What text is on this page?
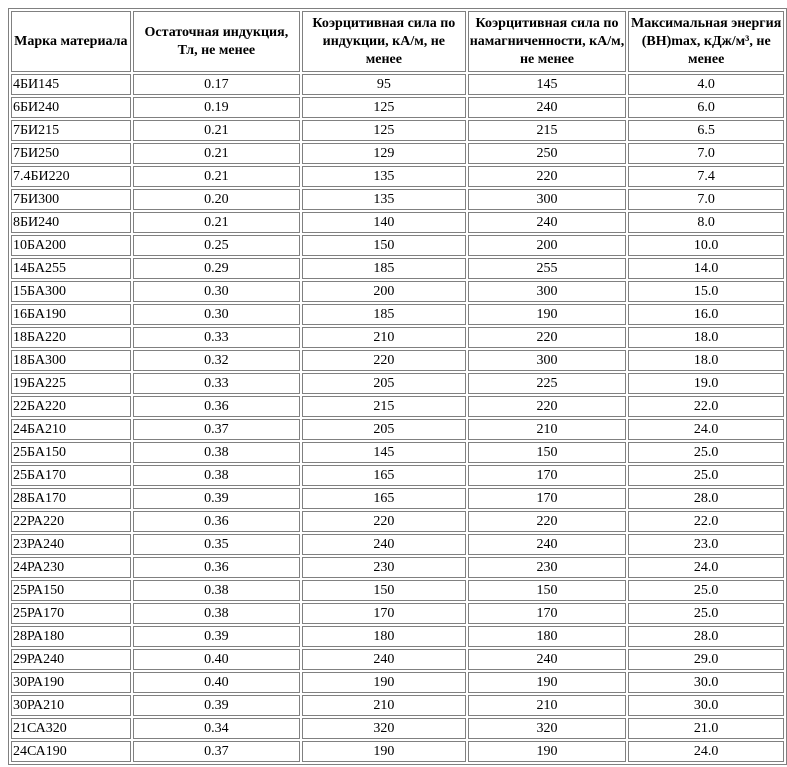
Марка материала	Остаточная индукция, Тл, не менее	Коэрцитивная сила по индукции, кА/м, не менее	Коэрцитивная сила по намагниченности, кА/м, не менее	Максимальная энергия (BH)max, кДж/м³, не менее
4БИ145	0.17	95	145	4.0
6БИ240	0.19	125	240	6.0
7БИ215	0.21	125	215	6.5
7БИ250	0.21	129	250	7.0
7.4БИ220	0.21	135	220	7.4
7БИ300	0.20	135	300	7.0
8БИ240	0.21	140	240	8.0
10БА200	0.25	150	200	10.0
14БА255	0.29	185	255	14.0
15БА300	0.30	200	300	15.0
16БА190	0.30	185	190	16.0
18БА220	0.33	210	220	18.0
18БА300	0.32	220	300	18.0
19БА225	0.33	205	225	19.0
22БА220	0.36	215	220	22.0
24БА210	0.37	205	210	24.0
25БА150	0.38	145	150	25.0
25БА170	0.38	165	170	25.0
28БА170	0.39	165	170	28.0
22РА220	0.36	220	220	22.0
23РА240	0.35	240	240	23.0
24РА230	0.36	230	230	24.0
25РА150	0.38	150	150	25.0
25РА170	0.38	170	170	25.0
28РА180	0.39	180	180	28.0
29РА240	0.40	240	240	29.0
30РА190	0.40	190	190	30.0
30РА210	0.39	210	210	30.0
21СА320	0.34	320	320	21.0
24СА190	0.37	190	190	24.0
